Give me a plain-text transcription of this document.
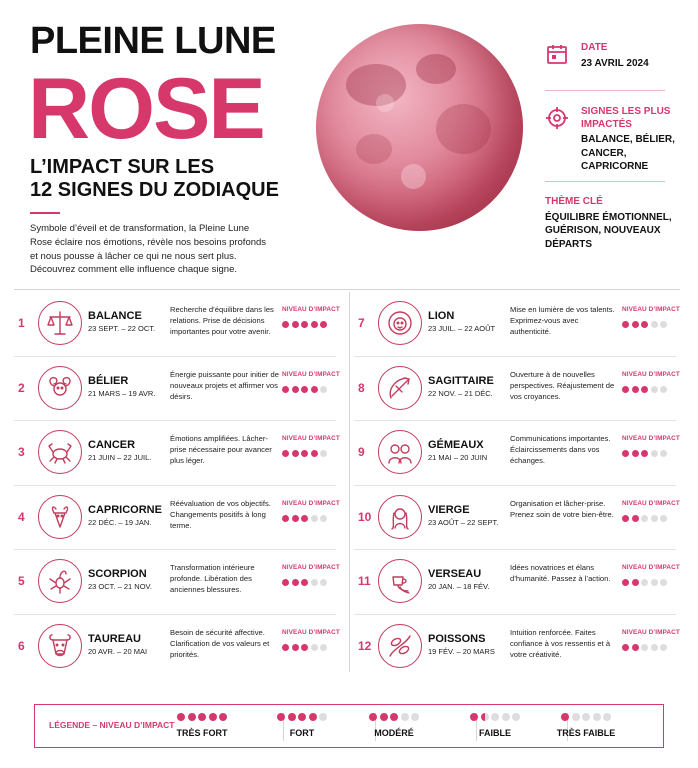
PLEINE LUNE
ROSE
L’IMPACT SUR LES
12 SIGNES DU ZODIAQUE
Symbole d’éveil et de transformation, la Pleine Lune Rose éclaire nos émotions, révèle nos besoins profonds et nous pousse à lâcher ce qui ne nous sert plus. Découvrez comment elle influence chaque signe.
DATE
23 AVRIL 2024
SIGNES LES PLUS IMPACTÉS
BALANCE, BÉLIER, CANCER, CAPRICORNE
THÈME CLÉ
ÉQUILIBRE ÉMOTIONNEL, GUÉRISON, NOUVEAUX DÉPARTS
1	BALANCE
23 SEPT. – 22 OCT.
Recherche d’équilibre dans les relations. Prise de décisions importantes pour votre avenir.
NIVEAU D’IMPACT
2	BÉLIER
21 MARS – 19 AVR.
Énergie puissante pour initier de nouveaux projets et affirmer vos désirs.
NIVEAU D’IMPACT
3	CANCER
21 JUIN – 22 JUIL.
Émotions amplifiées. Lâcher-prise nécessaire pour avancer plus léger.
NIVEAU D’IMPACT
4	CAPRICORNE
22 DÉC. – 19 JAN.
Réévaluation de vos objectifs. Changements positifs à long terme.
NIVEAU D’IMPACT
5	SCORPION
23 OCT. – 21 NOV.
Transformation intérieure profonde. Libération des anciennes blessures.
NIVEAU D’IMPACT
6	TAUREAU
20 AVR. – 20 MAI
Besoin de sécurité affective. Clarification de vos valeurs et priorités.
NIVEAU D’IMPACT
7	LION
23 JUIL. – 22 AOÛT
Mise en lumière de vos talents. Exprimez-vous avec authenticité.
NIVEAU D’IMPACT
8	SAGITTAIRE
22 NOV. – 21 DÉC.
Ouverture à de nouvelles perspectives. Réajustement de vos croyances.
NIVEAU D’IMPACT
9	GÉMEAUX
21 MAI – 20 JUIN
Communications importantes. Éclaircissements dans vos échanges.
NIVEAU D’IMPACT
10	VIERGE
23 AOÛT – 22 SEPT.
Organisation et lâcher-prise. Prenez soin de votre bien-être.
NIVEAU D’IMPACT
11	VERSEAU
20 JAN. – 18 FÉV.
Idées novatrices et élans d’humanité. Passez à l’action.
NIVEAU D’IMPACT
12	POISSONS
19 FÉV. – 20 MARS
Intuition renforcée. Faites confiance à vos ressentis et à votre créativité.
NIVEAU D’IMPACT
LÉGENDE – NIVEAU D’IMPACT
TRÈS FORT	FORT	MODÉRÉ	FAIBLE	TRÈS FAIBLE
